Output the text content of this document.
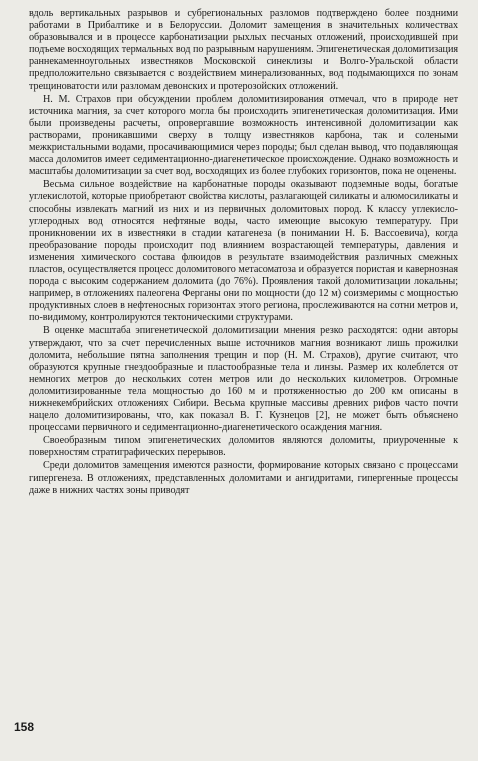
вдоль вертикальных разрывов и субрегиональных разломов подтверждено более поздними работами в Прибалтике и в Белоруссии. Доломит замещения в значительных количествах образовывался и в процессе карбонатизации рыхлых песчаных отложений, происходившей при подъеме восходящих термальных вод по разрывным нарушениям. Эпигенетическая доломитизация раннекаменноугольных известняков Московской синеклизы и Волго-Уральской области предположительно связывается с воздействием минерализованных, вод подымающихся по зонам трещиноватости или разломам девонских и протерозойских отложений.

Н. М. Страхов при обсуждении проблем доломитизирования отмечал, что в природе нет источника магния, за счет которого могла бы происходить эпигенетическая доломитизация. Ими были произведены расчеты, опровергавшие возможность интенсивной доломитизации как растворами, проникавшими сверху в толщу известняков карбона, так и солеными межкристальными водами, просачивающимися через породы; был сделан вывод, что подавляющая масса доломитов имеет седиментационно-диагенетическое происхождение. Однако возможность и масштабы доломитизации за счет вод, восходящих из более глубоких горизонтов, пока не оценены.

Весьма сильное воздействие на карбонатные породы оказывают подземные воды, богатые углекислотой, которые приобретают свойства кислоты, разлагающей силикаты и алюмосиликаты и способны извлекать магний из них и из первичных доломитовых пород. К классу углекисло-углеродных вод относятся нефтяные воды, часто имеющие высокую температуру. При проникновении их в известняки в стадии катагенеза (в понимании Н. Б. Вассоевича), когда преобразование породы происходит под влиянием возрастающей температуры, давления и изменения химического состава флюидов в результате взаимодействия различных смежных пластов, осуществляется процесс доломитового метасоматоза и образуется пористая и кавернозная порода с высоким содержанием доломита (до 76%). Проявления такой доломитизации локальны; например, в отложениях палеогена Ферганы они по мощности (до 12 м) соизмеримы с мощностью продуктивных слоев в нефтеносных горизонтах этого региона, прослеживаются на сотни метров и, по-видимому, контролируются тектоническими структурами.

В оценке масштаба эпигенетической доломитизации мнения резко расходятся: одни авторы утверждают, что за счет перечисленных выше источников магния возникают лишь прожилки доломита, небольшие пятна заполнения трещин и пор (Н. М. Страхов), другие считают, что образуются крупные гнездообразные и пластообразные тела и линзы. Размер их колеблется от немногих метров до нескольких сотен метров или до нескольких километров. Огромные доломитизированные тела мощностью до 160 м и протяженностью до 200 км описаны в нижнекембрийских отложениях Сибири. Весьма крупные массивы древних рифов часто почти нацело доломитизированы, что, как показал В. Г. Кузнецов [2], не может быть объяснено процессами первичного и седиментационно-диагенетического осаждения магния.

Своеобразным типом эпигенетических доломитов являются доломиты, приуроченные к поверхностям стратиграфических перерывов.

Среди доломитов замещения имеются разности, формирование которых связано с процессами гипергенеза. В отложениях, представленных доломитами и ангидритами, гипергенные процессы даже в нижних частях зоны приводят

158
